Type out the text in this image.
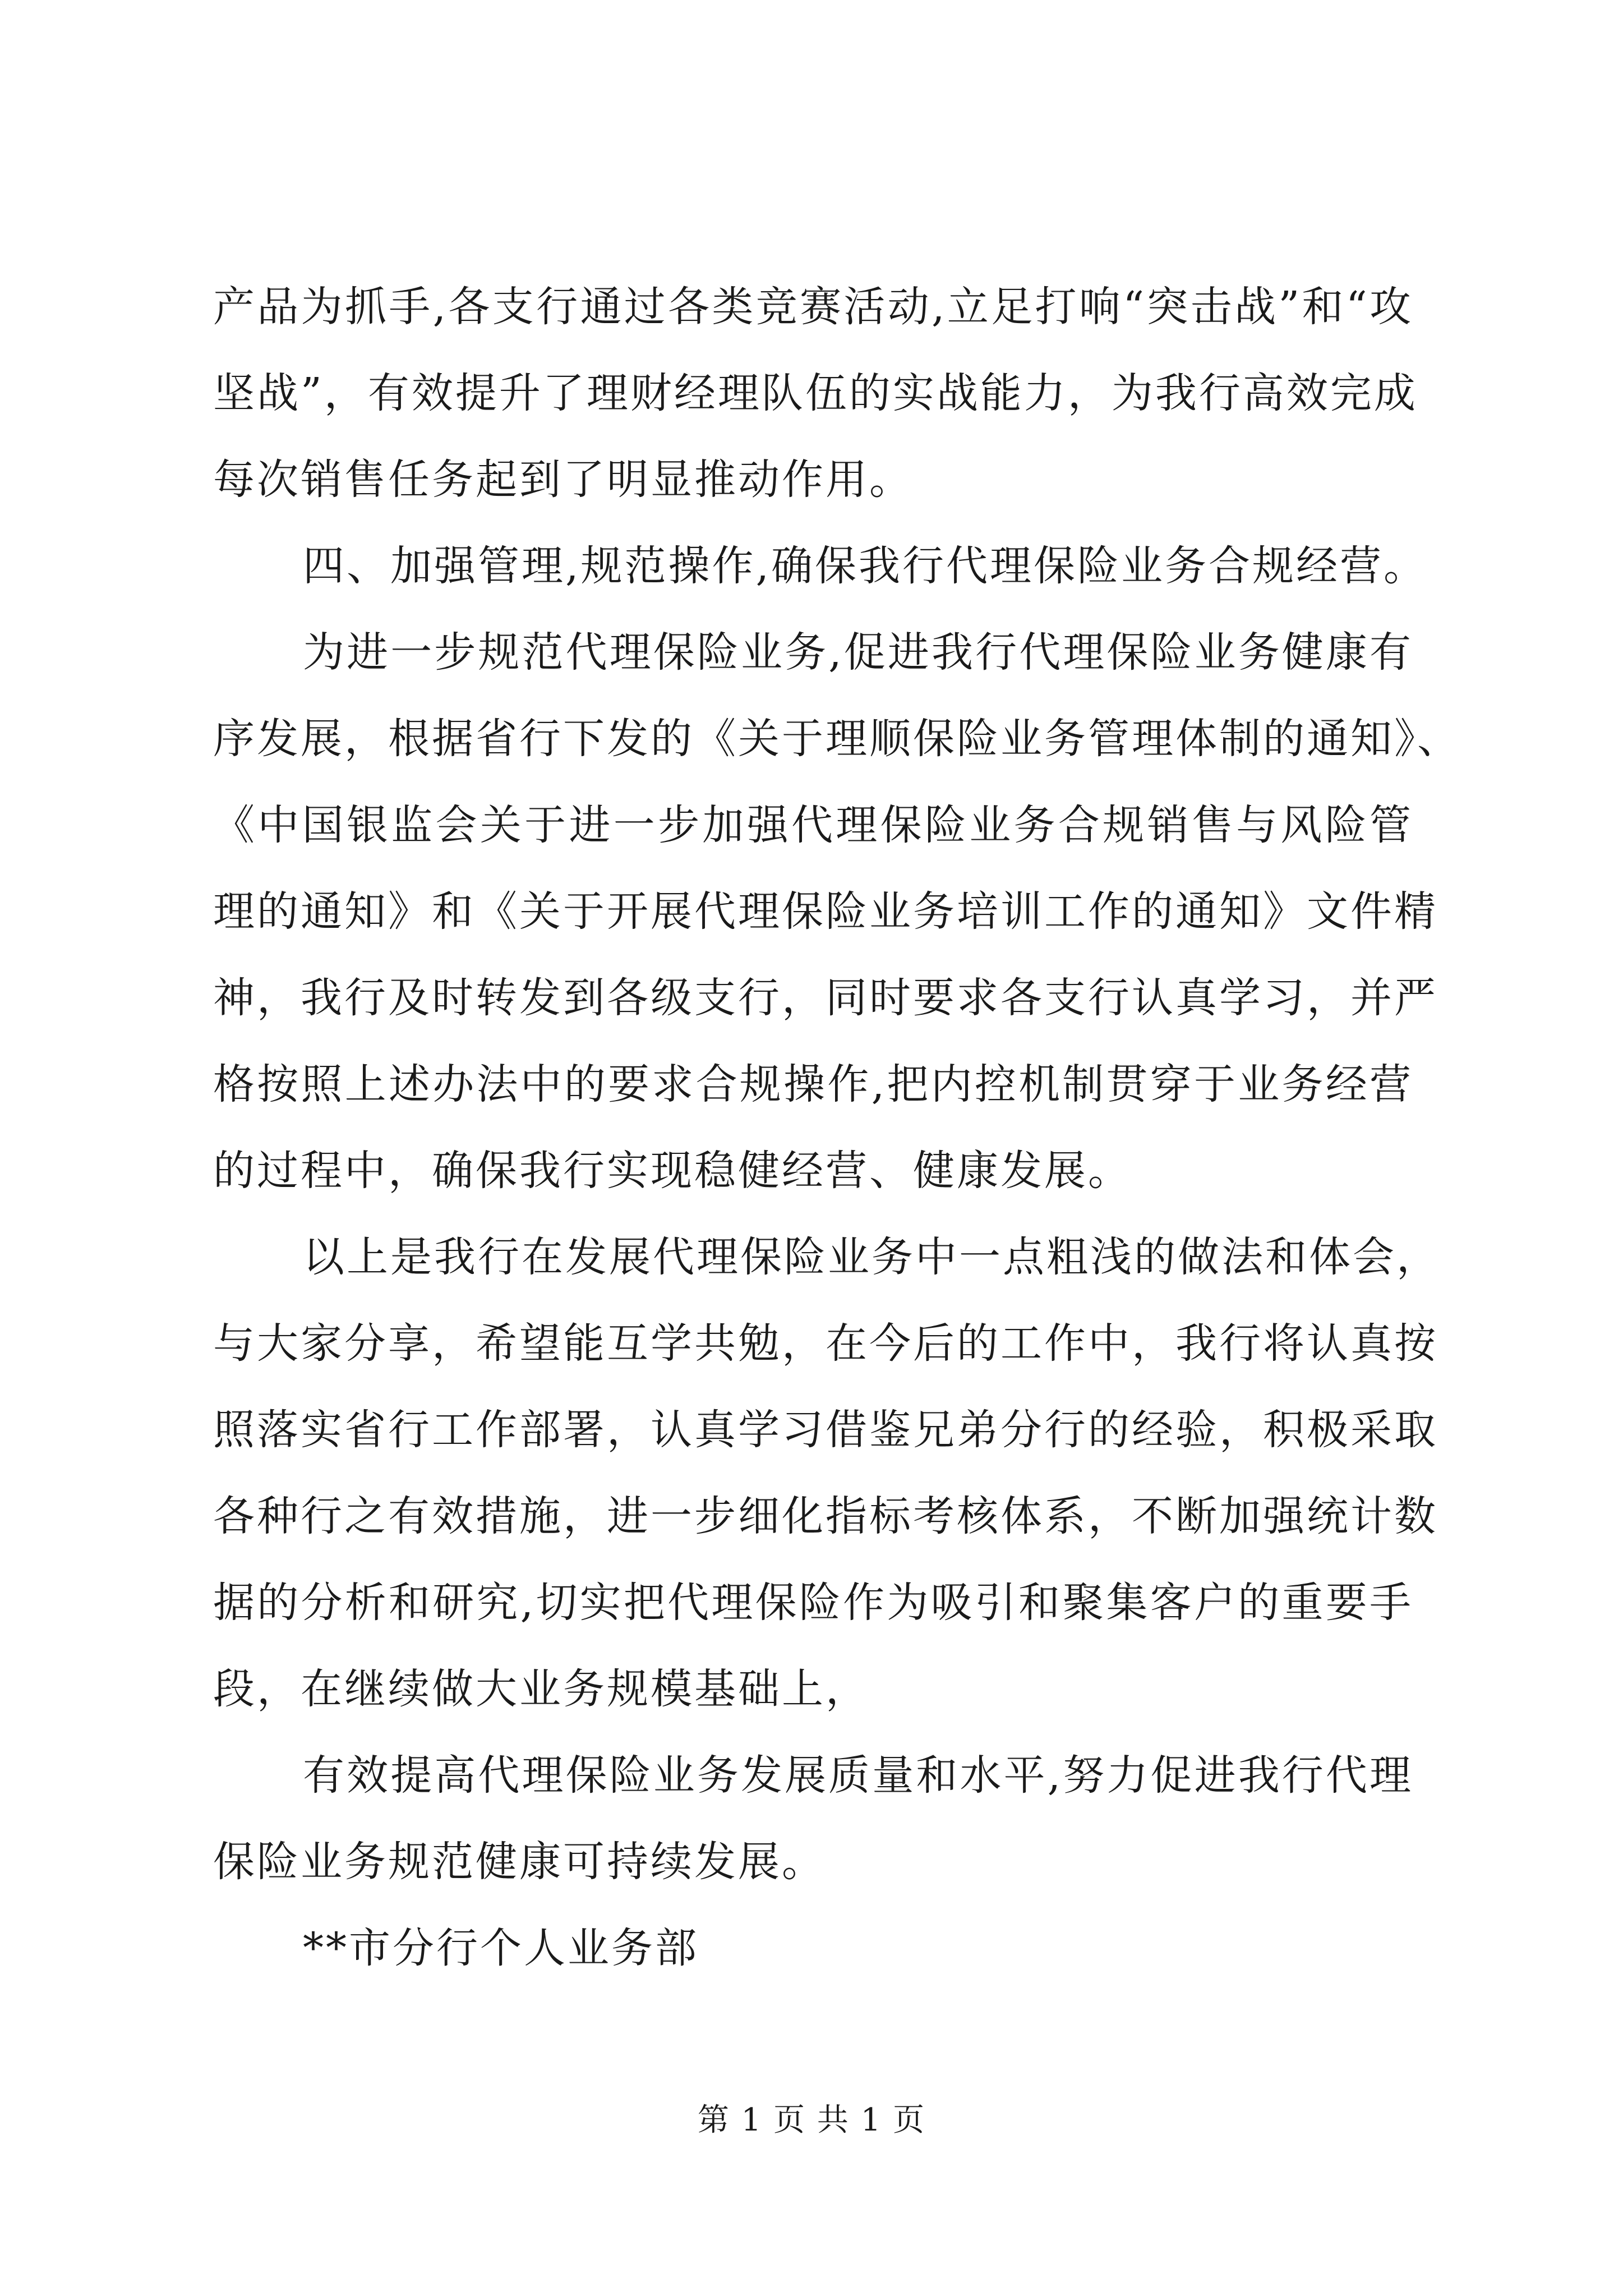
产品为抓手,各支行通过各类竞赛活动,立足打响“突击战”和“攻
坚战”，有效提升了理财经理队伍的实战能力，为我行高效完成
每次销售任务起到了明显推动作用。
四、加强管理,规范操作,确保我行代理保险业务合规经营。
为进一步规范代理保险业务,促进我行代理保险业务健康有
序发展，根据省行下发的《关于理顺保险业务管理体制的通知》、
《中国银监会关于进一步加强代理保险业务合规销售与风险管
理的通知》和《关于开展代理保险业务培训工作的通知》文件精
神，我行及时转发到各级支行，同时要求各支行认真学习，并严
格按照上述办法中的要求合规操作,把内控机制贯穿于业务经营
的过程中，确保我行实现稳健经营、健康发展。
以上是我行在发展代理保险业务中一点粗浅的做法和体会，
与大家分享，希望能互学共勉，在今后的工作中，我行将认真按
照落实省行工作部署，认真学习借鉴兄弟分行的经验，积极采取
各种行之有效措施，进一步细化指标考核体系，不断加强统计数
据的分析和研究,切实把代理保险作为吸引和聚集客户的重要手
段，在继续做大业务规模基础上，
有效提高代理保险业务发展质量和水平,努力促进我行代理
保险业务规范健康可持续发展。
**市分行个人业务部
第 1 页 共 1 页
